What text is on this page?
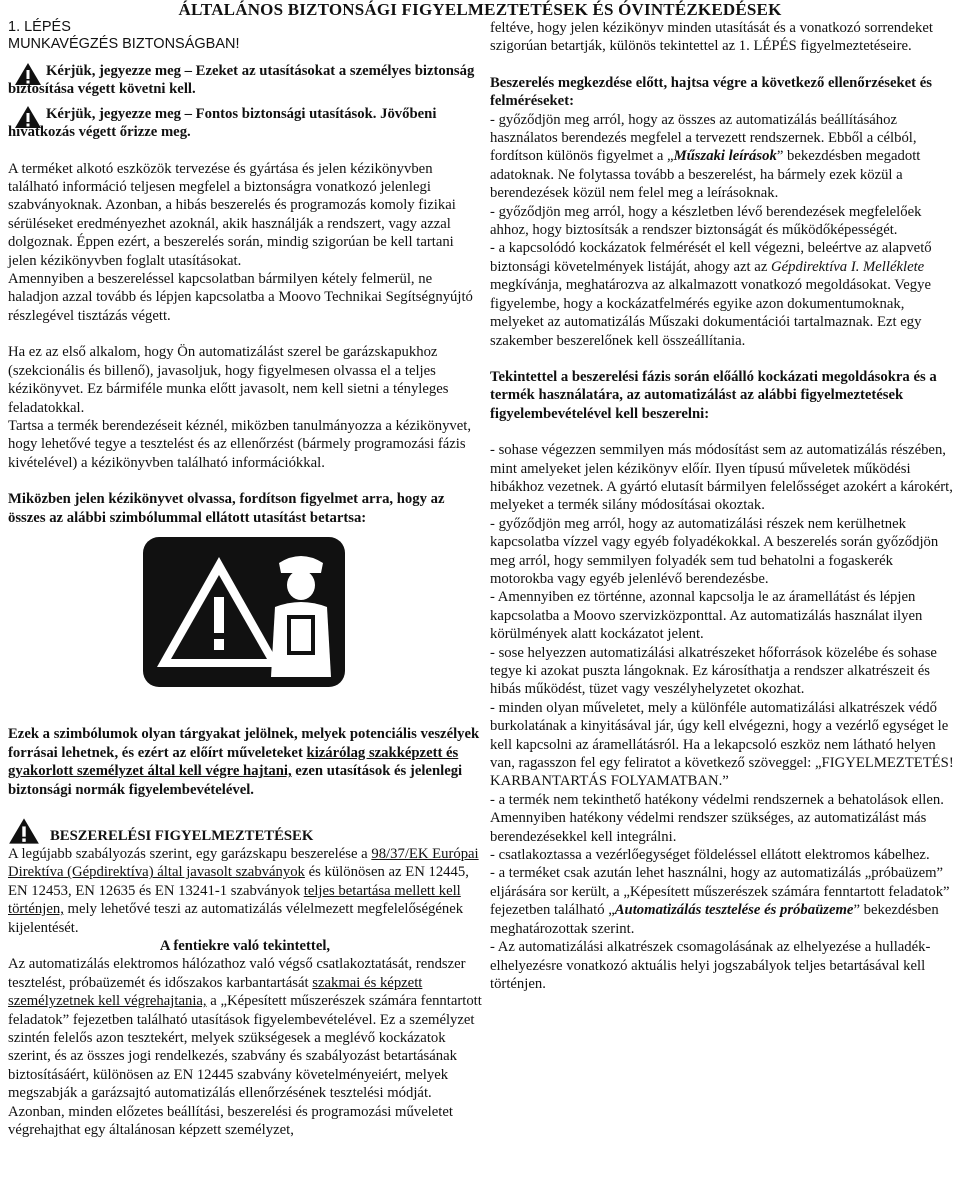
ÁLTALÁNOS BIZTONSÁGI FIGYELMEZTETÉSEK ÉS ÓVINTÉZKEDÉSEK

1. LÉPÉS

MUNKAVÉGZÉS BIZTONSÁGBAN!

Kérjük, jegyezze meg – Ezeket az utasításokat a személyes biztonság biztosítása végett követni kell.

Kérjük, jegyezze meg – Fontos biztonsági utasítások. Jövőbeni hivatkozás végett őrizze meg.

A terméket alkotó eszközök tervezése és gyártása és jelen kézikönyvben található információ teljesen megfelel a biztonságra vonatkozó jelenlegi szabványoknak. Azonban, a hibás beszerelés és programozás komoly fizikai sérüléseket eredményezhet azoknál, akik használják a rendszert, vagy azzal dolgoznak. Éppen ezért, a beszerelés során, mindig szigorúan be kell tartani jelen kézikönyvben foglalt utasításokat.

Amennyiben a beszereléssel kapcsolatban bármilyen kétely felmerül, ne haladjon azzal tovább és lépjen kapcsolatba a Moovo Technikai Segítségnyújtó részlegével tisztázás végett.

Ha ez az első alkalom, hogy Ön automatizálást szerel be garázskapukhoz (szekcionális és billenő), javasoljuk, hogy figyelmesen olvassa el a teljes kézikönyvet. Ez bármiféle munka előtt javasolt, nem kell sietni a tényleges feladatokkal.

Tartsa a termék berendezéseit kéznél, miközben tanulmányozza a kézikönyvet, hogy lehetővé tegye a tesztelést és az ellenőrzést (bármely programozási fázis kivételével) a kézikönyvben található információkkal.

Miközben jelen kézikönyvet olvassa, fordítson figyelmet arra, hogy az összes az alábbi szimbólummal ellátott utasítást betartsa:

Ezek a szimbólumok olyan tárgyakat jelölnek, melyek potenciális veszélyek forrásai lehetnek, és ezért az előírt műveleteket kizárólag szakképzett és gyakorlott személyzet által kell végre hajtani, ezen utasítások és jelenlegi biztonsági normák figyelembevételével.

BESZERELÉSI FIGYELMEZTETÉSEK

A legújabb szabályozás szerint, egy garázskapu beszerelése a 98/37/EK Európai Direktíva (Gépdirektíva) által javasolt szabványok és különösen az EN 12445, EN 12453, EN 12635 és EN 13241-1 szabványok teljes betartása mellett kell történjen, mely lehetővé teszi az automatizálás vélelmezett megfelelőségének kijelentését.

A fentiekre való tekintettel,

Az automatizálás elektromos hálózathoz való végső csatlakoztatását, rendszer tesztelést, próbaüzemét és időszakos karbantartását szakmai és képzett személyzetnek kell végrehajtania, a „Képesített műszerészek számára fenntartott feladatok” fejezetben található utasítások figyelembevételével. Ez a személyzet szintén felelős azon tesztekért, melyek szükségesek a meglévő kockázatok szerint, és az összes jogi rendelkezés, szabvány és szabályozást betartásának biztosításáért, különösen az EN 12445 szabvány követelményeiért, melyek megszabják a garázsajtó automatizálás ellenőrzésének tesztelési módját.

Azonban, minden előzetes beállítási, beszerelési és programozási műveletet végrehajthat egy általánosan képzett személyzet,

feltéve, hogy jelen kézikönyv minden utasítását és a vonatkozó sorrendeket szigorúan betartják, különös tekintettel az 1. LÉPÉS figyelmeztetéseire.

Beszerelés megkezdése előtt, hajtsa végre a következő ellenőrzéseket és felméréseket:

- győződjön meg arról, hogy az összes az automatizálás beállításához használatos berendezés megfelel a tervezett rendszernek. Ebből a célból, fordítson különös figyelmet a „Műszaki leírások” bekezdésben megadott adatoknak. Ne folytassa tovább a beszerelést, ha bármely ezek közül a berendezések közül nem felel meg a leírásoknak.

- győződjön meg arról, hogy a készletben lévő berendezések megfelelőek ahhoz, hogy biztosítsák a rendszer biztonságát és működőképességét.

- a kapcsolódó kockázatok felmérését el kell végezni, beleértve az alapvető biztonsági követelmények listáját, ahogy azt az Gépdirektíva I. Melléklete megkívánja, meghatározva az alkalmazott vonatkozó megoldásokat. Vegye figyelembe, hogy a kockázatfelmérés egyike azon dokumentumoknak, melyeket az automatizálás Műszaki dokumentációi tartalmaznak. Ezt egy szakember beszerelőnek kell összeállítania.

Tekintettel a beszerelési fázis során előálló kockázati megoldásokra és a termék használatára, az automatizálást az alábbi figyelmeztetések figyelembevételével kell beszerelni:

- sohase végezzen semmilyen más módosítást sem az automatizálás részében, mint amelyeket jelen kézikönyv előír. Ilyen típusú műveletek működési hibákhoz vezetnek. A gyártó elutasít bármilyen felelősséget azokért a károkért, melyeket a termék silány módosításai okoztak.

- győződjön meg arról, hogy az automatizálási részek nem kerülhetnek kapcsolatba vízzel vagy egyéb folyadékokkal. A beszerelés során győződjön meg arról, hogy semmilyen folyadék sem tud behatolni a fogaskerék motorokba vagy egyéb jelenlévő berendezésbe.

- Amennyiben ez történne, azonnal kapcsolja le az áramellátást és lépjen kapcsolatba a Moovo szervizközponttal. Az automatizálás használat ilyen körülmények alatt kockázatot jelent.

- sose helyezzen automatizálási alkatrészeket hőforrások közelébe és sohase tegye ki azokat puszta lángoknak. Ez károsíthatja a rendszer alkatrészeit és hibás működést, tüzet vagy veszélyhelyzetet okozhat.

- minden olyan műveletet, mely a különféle automatizálási alkatrészek védő burkolatának a kinyitásával jár, úgy kell elvégezni, hogy a vezérlő egységet le kell kapcsolni az áramellátásról. Ha a lekapcsoló eszköz nem látható helyen van, ragasszon fel egy feliratot a következő szöveggel: „FIGYELMEZTETÉS! KARBANTARTÁS FOLYAMATBAN.”

- a termék nem tekinthető hatékony védelmi rendszernek a behatolások ellen.

Amennyiben hatékony védelmi rendszer szükséges, az automatizálást más berendezésekkel kell integrálni.

- csatlakoztassa a vezérlőegységet földeléssel ellátott elektromos kábelhez.

- a terméket csak azután lehet használni, hogy az automatizálás „próbaüzem” eljárására sor került, a „Képesített műszerészek számára fenntartott feladatok” fejezetben található „Automatizálás tesztelése és próbaüzeme” bekezdésben meghatározottak szerint.

- Az automatizálási alkatrészek csomagolásának az elhelyezése a hulladék-elhelyezésre vonatkozó aktuális helyi jogszabályok teljes betartásával kell történjen.
